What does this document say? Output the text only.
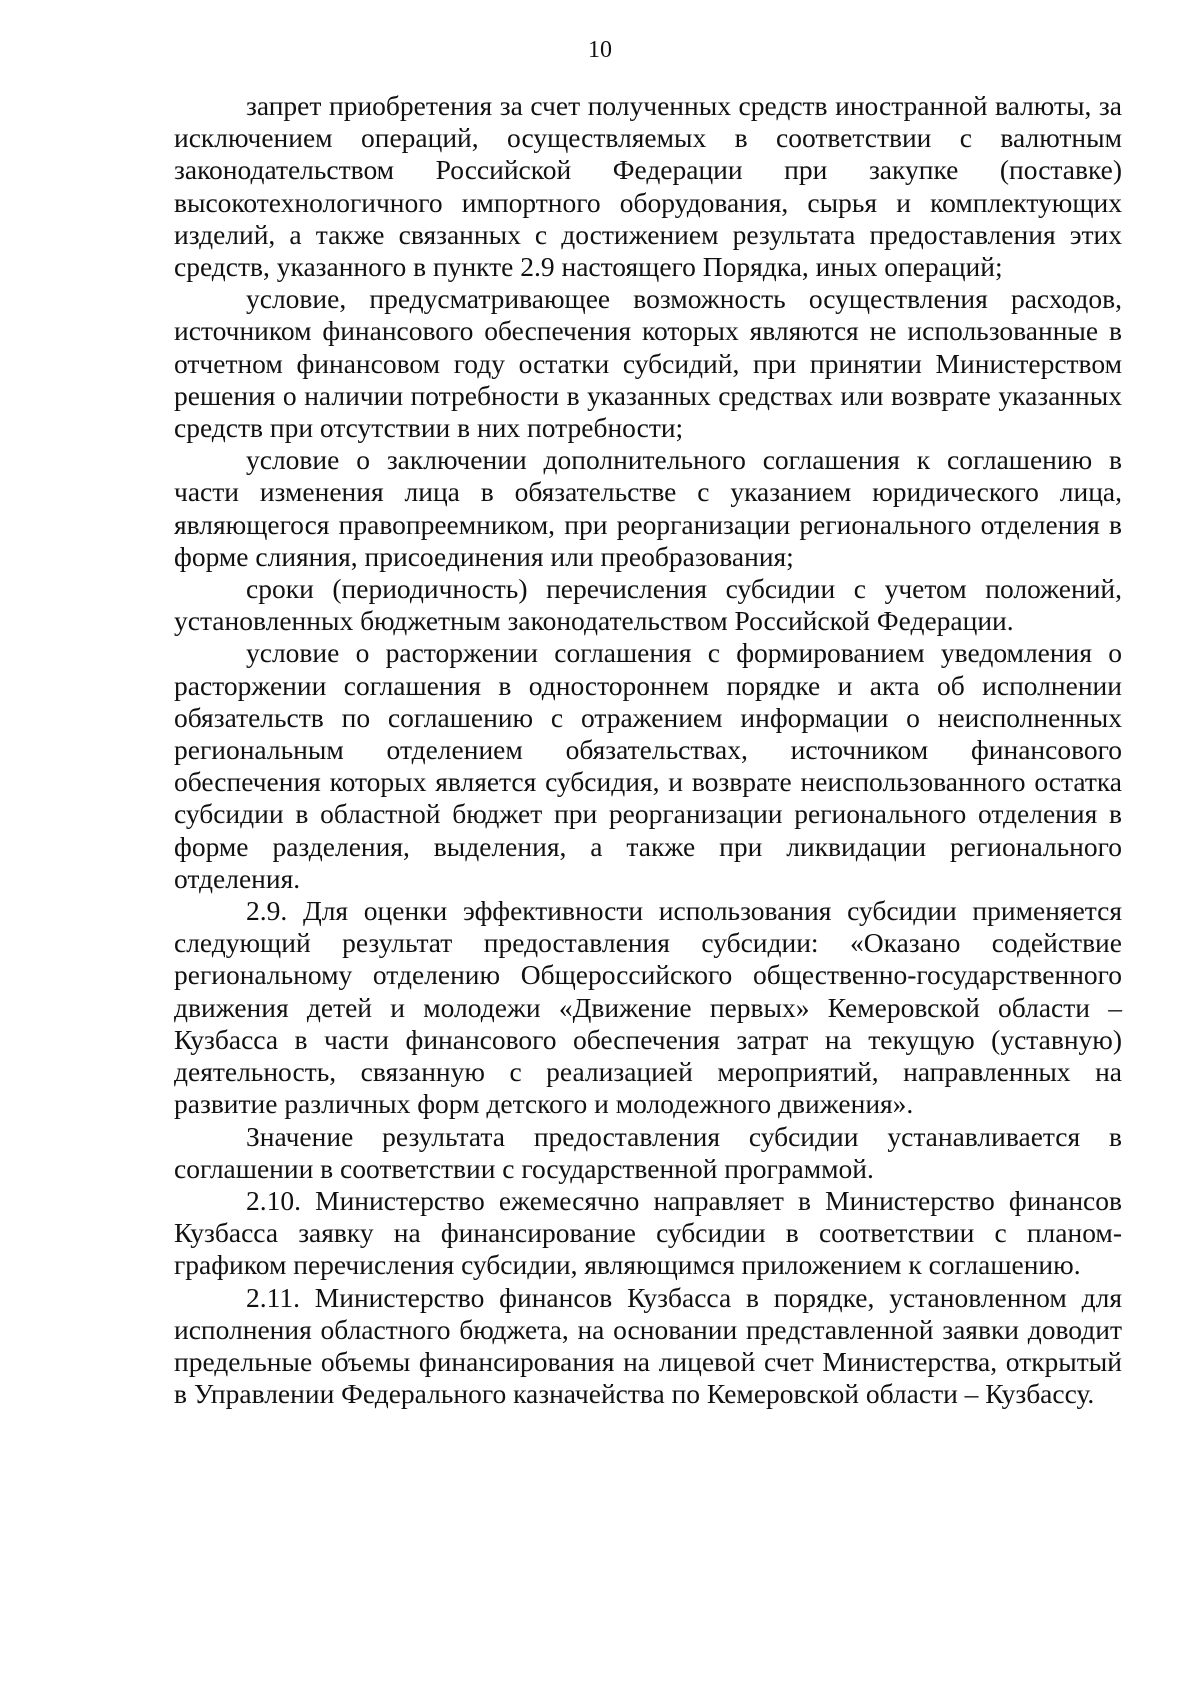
10

запрет приобретения за счет полученных средств иностранной валюты, за исключением операций, осуществляемых в соответствии с валютным законодательством Российской Федерации при закупке (поставке) высокотехнологичного импортного оборудования, сырья и комплектующих изделий, а также связанных с достижением результата предоставления этих средств, указанного в пункте 2.9 настоящего Порядка, иных операций;

условие, предусматривающее возможность осуществления расходов, источником финансового обеспечения которых являются не использованные в отчетном финансовом году остатки субсидий, при принятии Министерством решения о наличии потребности в указанных средствах или возврате указанных средств при отсутствии в них потребности;

условие о заключении дополнительного соглашения к соглашению в части изменения лица в обязательстве с указанием юридического лица, являющегося правопреемником, при реорганизации регионального отделения в форме слияния, присоединения или преобразования;

сроки (периодичность) перечисления субсидии с учетом положений, установленных бюджетным законодательством Российской Федерации.

условие о расторжении соглашения с формированием уведомления о расторжении соглашения в одностороннем порядке и акта об исполнении обязательств по соглашению с отражением информации о неисполненных региональным отделением обязательствах, источником финансового обеспечения которых является субсидия, и возврате неиспользованного остатка субсидии в областной бюджет при реорганизации регионального отделения в форме разделения, выделения, а также при ликвидации регионального отделения.

2.9. Для оценки эффективности использования субсидии применяется следующий результат предоставления субсидии: «Оказано содействие региональному отделению Общероссийского общественно-государственного движения детей и молодежи «Движение первых» Кемеровской области – Кузбасса в части финансового обеспечения затрат на текущую (уставную) деятельность, связанную с реализацией мероприятий, направленных на развитие различных форм детского и молодежного движения».

Значение результата предоставления субсидии устанавливается в соглашении в соответствии с государственной программой.

2.10. Министерство ежемесячно направляет в Министерство финансов Кузбасса заявку на финансирование субсидии в соответствии с планом-графиком перечисления субсидии, являющимся приложением к соглашению.

2.11. Министерство финансов Кузбасса в порядке, установленном для исполнения областного бюджета, на основании представленной заявки доводит предельные объемы финансирования на лицевой счет Министерства, открытый в Управлении Федерального казначейства по Кемеровской области – Кузбассу.
